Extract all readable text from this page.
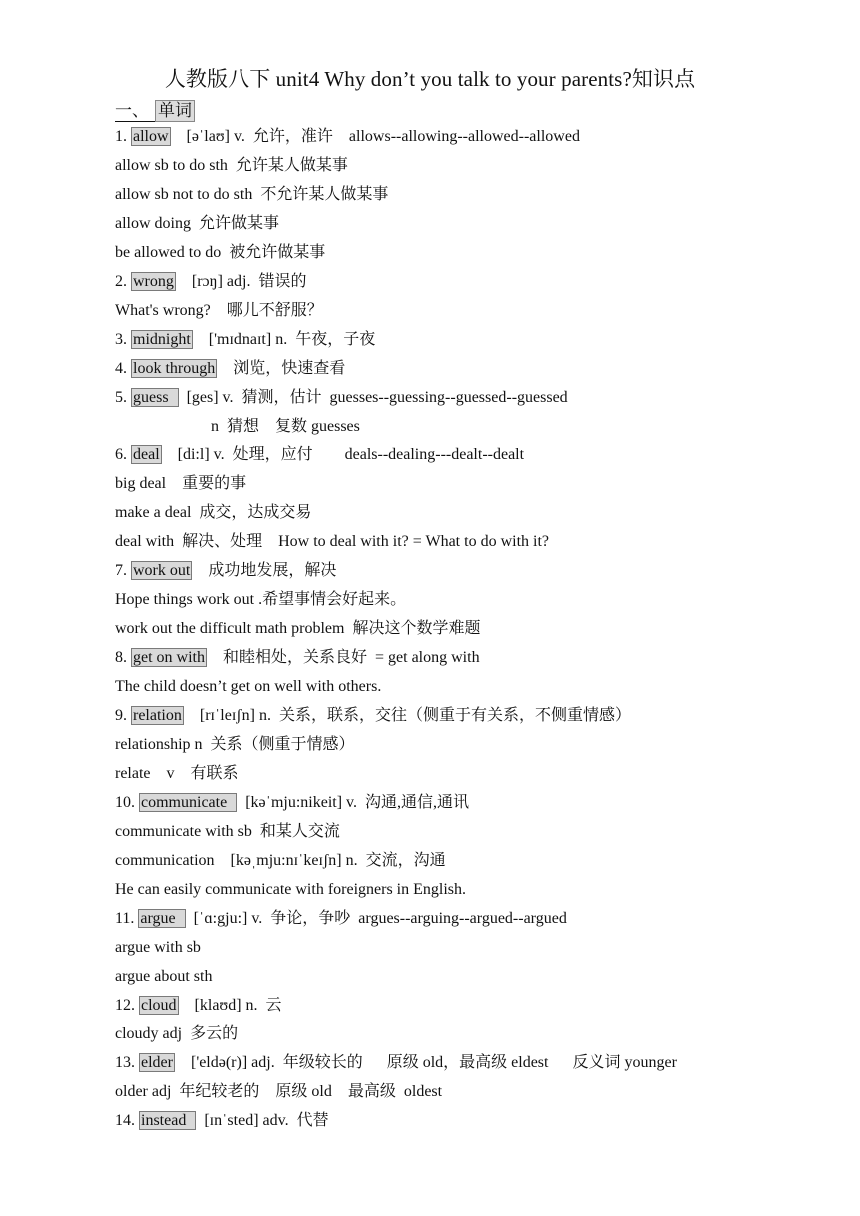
人教版八下 unit4 Why don’t you talk to your parents?知识点
一、 单词
1. allow    [əˈlaʊ] v.  允许，准许    allows--allowing--allowed--allowed
allow sb to do sth  允许某人做某事
allow sb not to do sth  不允许某人做某事
allow doing  允许做某事
be allowed to do  被允许做某事
2. wrong    [rɔŋ] adj.  错误的
What's wrong?    哪儿不舒服？
3. midnight    ['mɪdnaɪt] n.  午夜，子夜
4. look through    浏览，快速查看
5. guess    [ges] v.  猜测，估计  guesses--guessing--guessed--guessed
n  猜想    复数 guesses
6. deal    [di:l] v.  处理，应付        deals--dealing---dealt--dealt
big deal    重要的事
make a deal  成交，达成交易
deal with  解决、处理    How to deal with it? = What to do with it?
7. work out    成功地发展，解决
Hope things work out .希望事情会好起来。
work out the difficult math problem  解决这个数学难题
8. get on with    和睦相处，关系良好  = get along with
The child doesn’t get on well with others.
9. relation    [rɪˈleɪʃn] n.  关系，联系，交往（侧重于有关系，不侧重情感）
relationship n  关系（侧重于情感）
relate    v    有联系
10. communicate    [kəˈmju:nikeit] v.  沟通,通信,通讯
communicate with sb  和某人交流
communication    [kəˌmju:nɪˈkeɪʃn] n.  交流，沟通
He can easily communicate with foreigners in English.
11. argue    [ˈɑ:gju:] v.  争论，争吵  argues--arguing--argued--argued
argue with sb
argue about sth
12. cloud    [klaʊd] n.  云
cloudy adj  多云的
13. elder    ['eldə(r)] adj.  年级较长的      原级 old，最高级 eldest      反义词 younger
older adj  年纪较老的    原级 old    最高级  oldest
14. instead    [ɪnˈsted] adv.  代替
